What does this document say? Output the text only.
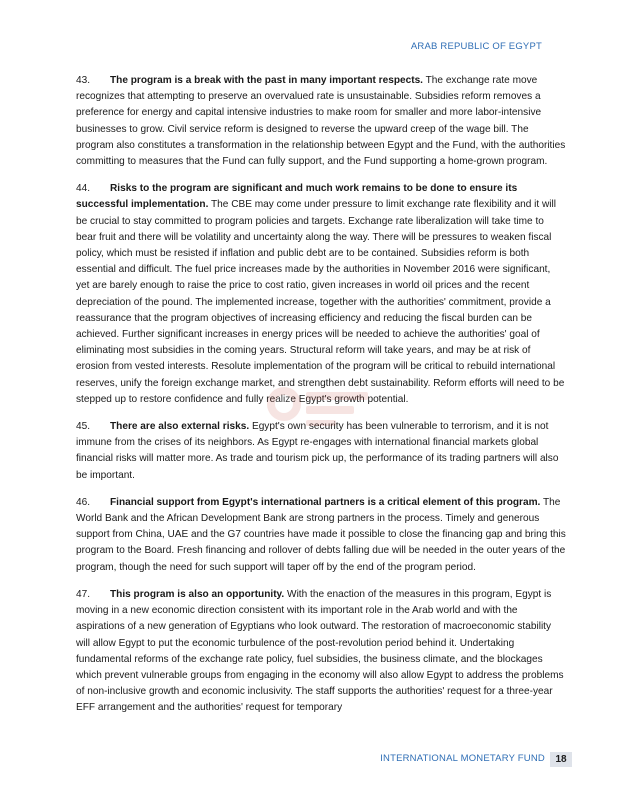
ARAB REPUBLIC OF EGYPT

43. The program is a break with the past in many important respects. The exchange rate move recognizes that attempting to preserve an overvalued rate is unsustainable. Subsidies reform removes a preference for energy and capital intensive industries to make room for smaller and more labor-intensive businesses to grow. Civil service reform is designed to reverse the upward creep of the wage bill. The program also constitutes a transformation in the relationship between Egypt and the Fund, with the authorities committing to measures that the Fund can fully support, and the Fund supporting a home-grown program.

44. Risks to the program are significant and much work remains to be done to ensure its successful implementation. The CBE may come under pressure to limit exchange rate flexibility and it will be crucial to stay committed to program policies and targets. Exchange rate liberalization will take time to bear fruit and there will be volatility and uncertainty along the way. There will be pressures to weaken fiscal policy, which must be resisted if inflation and public debt are to be contained. Subsidies reform is both essential and difficult. The fuel price increases made by the authorities in November 2016 were significant, yet are barely enough to raise the price to cost ratio, given increases in world oil prices and the recent depreciation of the pound. The implemented increase, together with the authorities' commitment, provide a reassurance that the program objectives of increasing efficiency and reducing the fiscal burden can be achieved. Further significant increases in energy prices will be needed to achieve the authorities' goal of eliminating most subsidies in the coming years. Structural reform will take years, and may be at risk of erosion from vested interests. Resolute implementation of the program will be critical to rebuild international reserves, unify the foreign exchange market, and strengthen debt sustainability. Reform efforts will need to be stepped up to restore confidence and fully realize Egypt's growth potential.

45. There are also external risks. Egypt's own security has been vulnerable to terrorism, and it is not immune from the crises of its neighbors. As Egypt re-engages with international financial markets global financial risks will matter more. As trade and tourism pick up, the performance of its trading partners will also be important.

46. Financial support from Egypt's international partners is a critical element of this program. The World Bank and the African Development Bank are strong partners in the process. Timely and generous support from China, UAE and the G7 countries have made it possible to close the financing gap and bring this program to the Board. Fresh financing and rollover of debts falling due will be needed in the outer years of the program, though the need for such support will taper off by the end of the program period.

47. This program is also an opportunity. With the enaction of the measures in this program, Egypt is moving in a new economic direction consistent with its important role in the Arab world and with the aspirations of a new generation of Egyptians who look outward. The restoration of macroeconomic stability will allow Egypt to put the economic turbulence of the post-revolution period behind it. Undertaking fundamental reforms of the exchange rate policy, fuel subsidies, the business climate, and the blockages which prevent vulnerable groups from engaging in the economy will also allow Egypt to address the problems of non-inclusive growth and economic inclusivity. The staff supports the authorities' request for a three-year EFF arrangement and the authorities' request for temporary

INTERNATIONAL MONETARY FUND	18
